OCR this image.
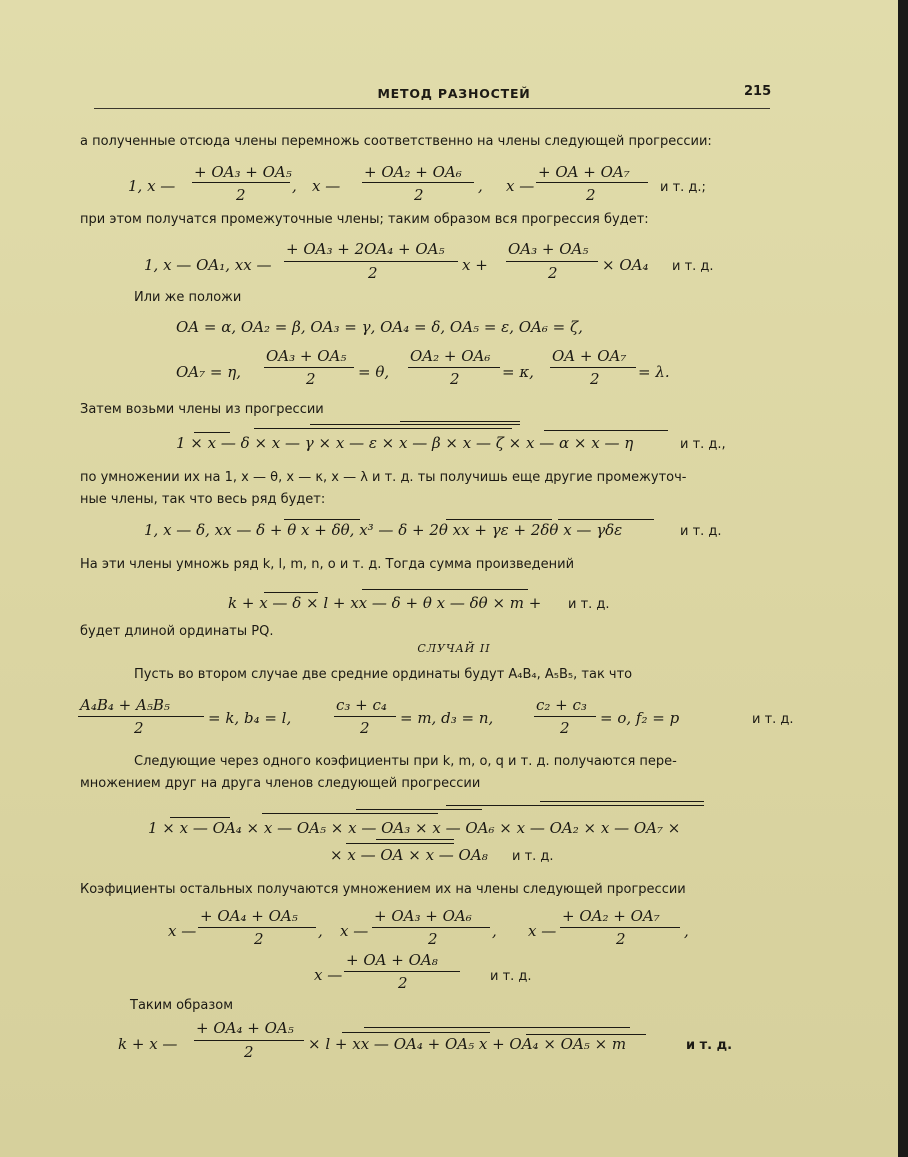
МЕТОД РАЗНОСТЕЙ	215
а полученные отсюда члены перемножь соответственно на члены следующей прогрессии:
1, x —
+ OA₃ + OA₅
2	, x —
+ OA₂ + OA₆
2	, x —
+ OA + OA₇
2	и т. д.;
при этом получатся промежуточные члены; таким образом вся прогрессия будет:
1, x — OA₁, xx —
+ OA₃ + 2OA₄ + OA₅
2	x +
OA₃ + OA₅
2	× OA₄ и т. д.
Или же положи
OA = α, OA₂ = β, OA₃ = γ, OA₄ = δ, OA₅ = ε, OA₆ = ζ,
OA₇ = η,
OA₃ + OA₅
2	= θ,
OA₂ + OA₆
2	= κ,
OA + OA₇
2	= λ.
Затем возьми члены из прогрессии
1 × x — δ × x — γ × x — ε × x — β × x — ζ × x — α × x — η	и т. д.,
по умножении их на 1, x — θ, x — κ, x — λ и т. д. ты получишь еще другие промежуточ-
ные члены, так что весь ряд будет:
1, x — δ, xx — δ + θ x + δθ, x³ — δ + 2θ xx + γε + 2δθ x — γδε	и т. д.
На эти члены умножь ряд k, l, m, n, o и т. д. Тогда сумма произведений
k + x — δ × l + xx — δ + θ x — δθ × m + и т. д.
будет длиной ординаты PQ.
СЛУЧАЙ II
Пусть во втором случае две средние ординаты будут A₄B₄, A₅B₅, так что
A₄B₄ + A₅B₅
2
= k, b₄ = l,
c₃ + c₄
2
= m, d₃ = n,
c₂ + c₃
2
= o, f₂ = p	и т. д.
Следующие через одного коэфициенты при k, m, o, q и т. д. получаются пере-
множением друг на друга членов следующей прогрессии
1 × x — OA₄ × x — OA₅ × x — OA₃ × x — OA₆ × x — OA₂ × x — OA₇ ×
× x — OA × x — OA₈ и т. д.
Коэфициенты остальных получаются умножением их на члены следующей прогрессии
x —
+ OA₄ + OA₅
2	, x —
+ OA₃ + OA₆
2	, x —
+ OA₂ + OA₇
2	,
x —
+ OA + OA₈
2	и т. д.
Таким образом
k + x —
+ OA₄ + OA₅
2	× l + xx — OA₄ + OA₅ x + OA₄ × OA₅ × m	и т. д.
